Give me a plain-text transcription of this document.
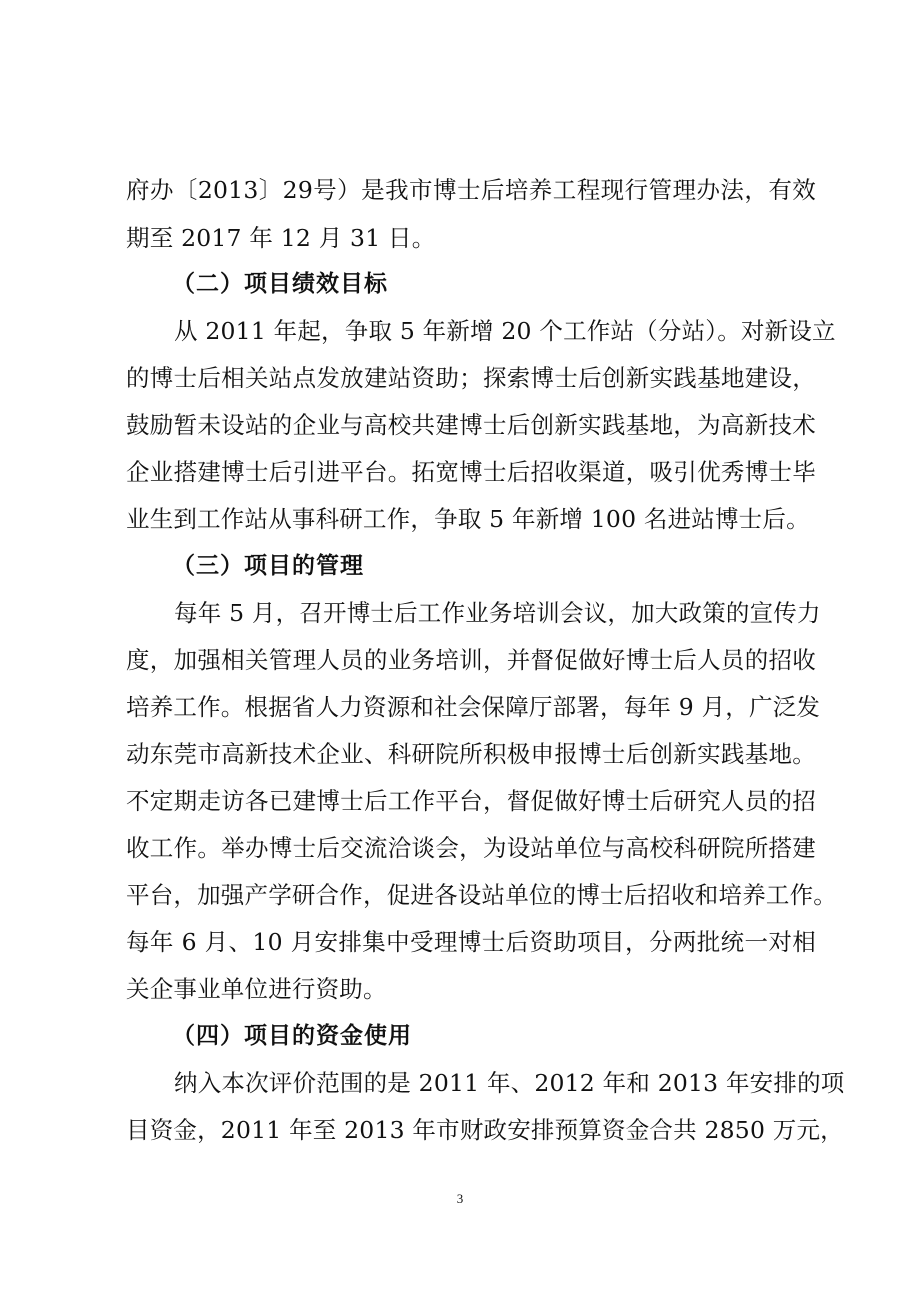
府办〔2013〕29号）是我市博士后培养工程现行管理办法，有效
期至 2017 年 12 月 31 日。
（二）项目绩效目标
从 2011 年起，争取 5 年新增 20 个工作站（分站）。对新设立
的博士后相关站点发放建站资助；探索博士后创新实践基地建设，
鼓励暂未设站的企业与高校共建博士后创新实践基地，为高新技术
企业搭建博士后引进平台。拓宽博士后招收渠道，吸引优秀博士毕
业生到工作站从事科研工作，争取 5 年新增 100 名进站博士后。
（三）项目的管理
每年 5 月，召开博士后工作业务培训会议，加大政策的宣传力
度，加强相关管理人员的业务培训，并督促做好博士后人员的招收
培养工作。根据省人力资源和社会保障厅部署，每年 9 月，广泛发
动东莞市高新技术企业、科研院所积极申报博士后创新实践基地。
不定期走访各已建博士后工作平台，督促做好博士后研究人员的招
收工作。举办博士后交流洽谈会，为设站单位与高校科研院所搭建
平台，加强产学研合作，促进各设站单位的博士后招收和培养工作。
每年 6 月、10 月安排集中受理博士后资助项目，分两批统一对相
关企事业单位进行资助。
（四）项目的资金使用
纳入本次评价范围的是 2011 年、2012 年和 2013 年安排的项
目资金，2011 年至 2013 年市财政安排预算资金合共 2850 万元，
3
